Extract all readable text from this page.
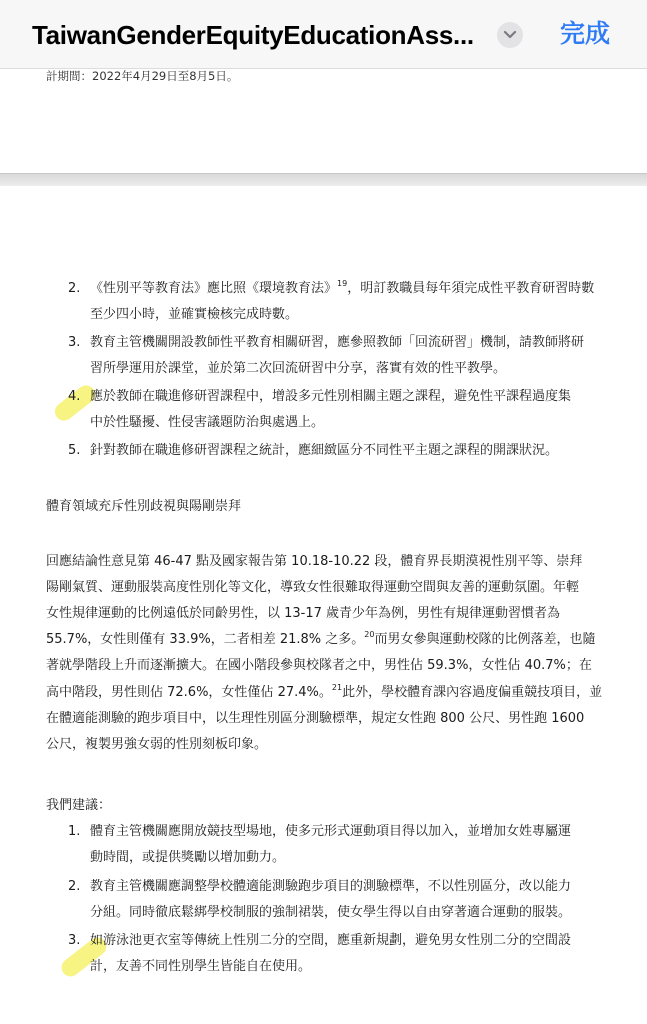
TaiwanGenderEquityEducationAss...	完成
計期間：2022年4月29日至8月5日。
2. 《性別平等教育法》應比照《環境教育法》$^{19}$，明訂教職員每年須完成性平教育研習時數
至少四小時，並確實檢核完成時數。
3. 教育主管機關開設教師性平教育相關研習，應參照教師「回流研習」機制，請教師將研
習所學運用於課堂，並於第二次回流研習中分享，落實有效的性平教學。
4. 應於教師在職進修研習課程中，增設多元性別相關主題之課程，避免性平課程過度集
中於性騷擾、性侵害議題防治與處遇上。
5. 針對教師在職進修研習課程之統計，應細緻區分不同性平主題之課程的開課狀況。
體育領域充斥性別歧視與陽剛崇拜
回應結論性意見第 46-47 點及國家報告第 10.18-10.22 段，體育界長期漠視性別平等、崇拜
陽剛氣質、運動服裝高度性別化等文化，導致女性很難取得運動空間與友善的運動氛圍。年輕
女性規律運動的比例遠低於同齡男性，以 13-17 歲青少年為例，男性有規律運動習慣者為
55.7%，女性則僅有 33.9%，二者相差 21.8% 之多。$^{20}$而男女參與運動校隊的比例落差，也隨
著就學階段上升而逐漸擴大。在國小階段參與校隊者之中，男性佔 59.3%，女性佔 40.7%；在
高中階段，男性則佔 72.6%，女性僅佔 27.4%。$^{21}$此外，學校體育課內容過度偏重競技項目，並
在體適能測驗的跑步項目中，以生理性別區分測驗標準，規定女性跑 800 公尺、男性跑 1600
公尺，複製男強女弱的性別刻板印象。
我們建議：
1. 體育主管機關應開放競技型場地，使多元形式運動項目得以加入，並增加女姓專屬運
動時間，或提供獎勵以增加動力。
2. 教育主管機關應調整學校體適能測驗跑步項目的測驗標準，不以性別區分，改以能力
分組。同時徹底鬆綁學校制服的強制裙裝，使女學生得以自由穿著適合運動的服裝。
3. 如游泳池更衣室等傳統上性別二分的空間，應重新規劃，避免男女性別二分的空間設
計，友善不同性別學生皆能自在使用。
